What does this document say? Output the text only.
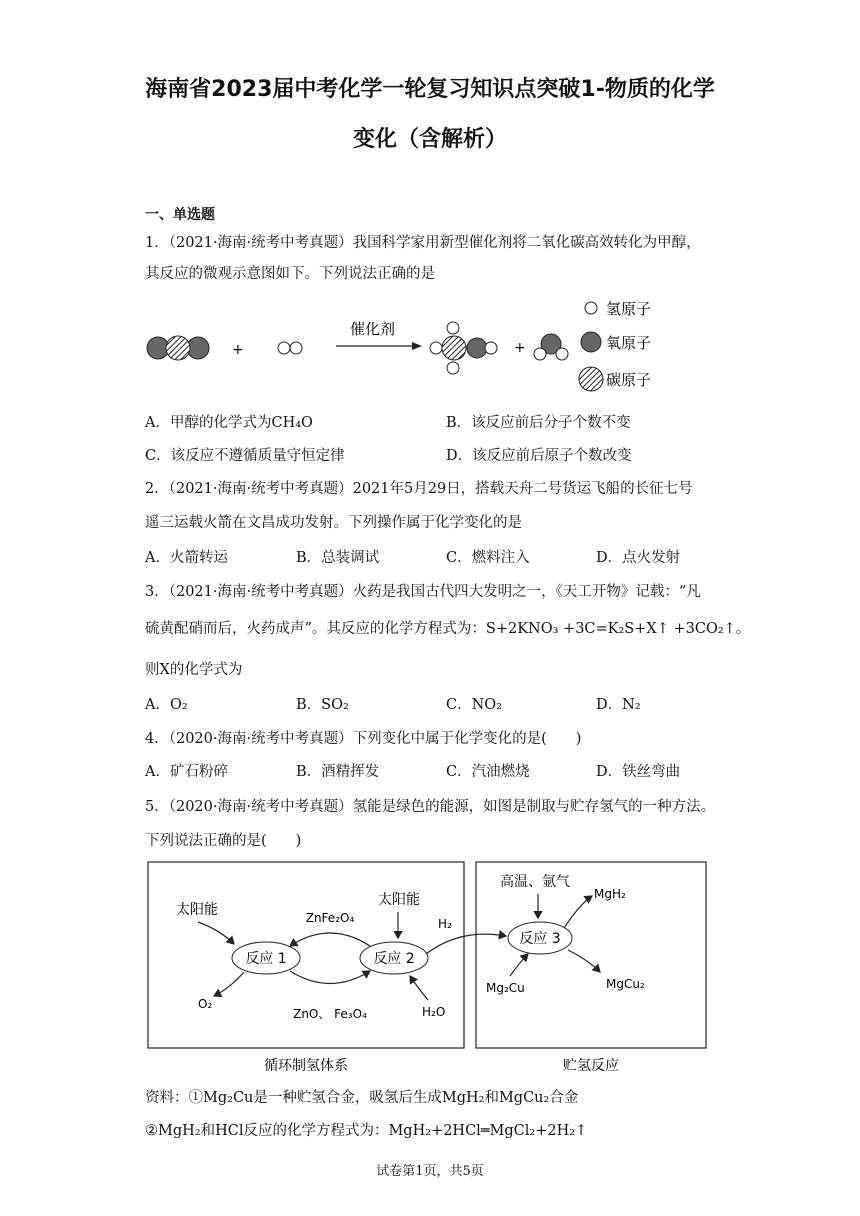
海南省2023届中考化学一轮复习知识点突破1-物质的化学
变化（含解析）
一、单选题
1．（2021·海南·统考中考真题）我国科学家用新型催化剂将二氧化碳高效转化为甲醇，
其反应的微观示意图如下。下列说法正确的是
+
催化剂
+
氢原子
氧原子
碳原子
A．甲醇的化学式为CH₄O	B．该反应前后分子个数不变
C．该反应不遵循质量守恒定律	D．该反应前后原子个数改变
2．（2021·海南·统考中考真题）2021年5月29日，搭载天舟二号货运飞船的长征七号
遥三运载火箭在文昌成功发射。下列操作属于化学变化的是
A．火箭转运	B．总装调试	C．燃料注入	D．点火发射
3．（2021·海南·统考中考真题）火药是我国古代四大发明之一，《天工开物》记载：“凡
硫黄配硝而后，火药成声”。其反应的化学方程式为：S+2KNO₃ +3C=K₂S+X↑ +3CO₂↑。
则X的化学式为
A．O₂	B．SO₂	C．NO₂	D．N₂
4．（2020·海南·统考中考真题）下列变化中属于化学变化的是(　　)
A．矿石粉碎	B．酒精挥发	C．汽油燃烧	D．铁丝弯曲
5．（2020·海南·统考中考真题）氢能是绿色的能源，如图是制取与贮存氢气的一种方法。
下列说法正确的是(　　)
反应 1	反应 2
反应 3
ZnFe₂O₄
ZnO、 Fe₃O₄
太阳能
O₂
太阳能
H₂O
H₂
高温、氩气
MgH₂
MgCu₂
Mg₂Cu
循环制氢体系	贮氢反应
资料：①Mg₂Cu是一种贮氢合金，吸氢后生成MgH₂和MgCu₂合金
②MgH₂和HCl反应的化学方程式为：MgH₂+2HCl═MgCl₂+2H₂↑
试卷第1页，共5页
